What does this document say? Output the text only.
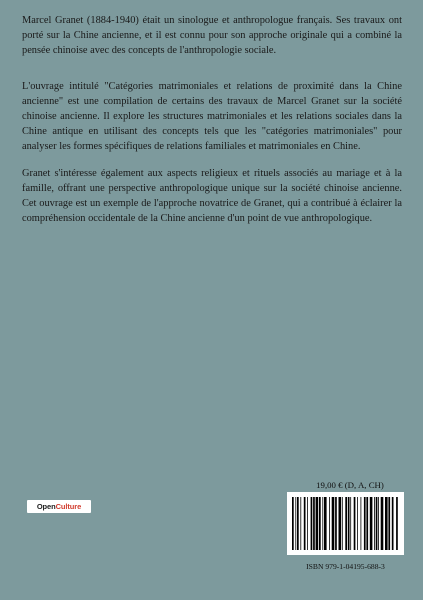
Marcel Granet (1884-1940) était un sinologue et anthropologue français. Ses travaux ont porté sur la Chine ancienne, et il est connu pour son approche originale qui a combiné la pensée chinoise avec des concepts de l'anthropologie sociale.
L'ouvrage intitulé "Catégories matrimoniales et relations de proximité dans la Chine ancienne" est une compilation de certains des travaux de Marcel Granet sur la société chinoise ancienne. Il explore les structures matrimoniales et les relations sociales dans la Chine antique en utilisant des concepts tels que les "catégories matrimoniales" pour analyser les formes spécifiques de relations familiales et matrimoniales en Chine.
Granet s'intéresse également aux aspects religieux et rituels associés au mariage et à la famille, offrant une perspective anthropologique unique sur la société chinoise ancienne. Cet ouvrage est un exemple de l'approche novatrice de Granet, qui a contribué à éclairer la compréhension occidentale de la Chine ancienne d'un point de vue anthropologique.
Open Culture
19,00 € (D, A, CH)
ISBN 979-1-04195-688-3
